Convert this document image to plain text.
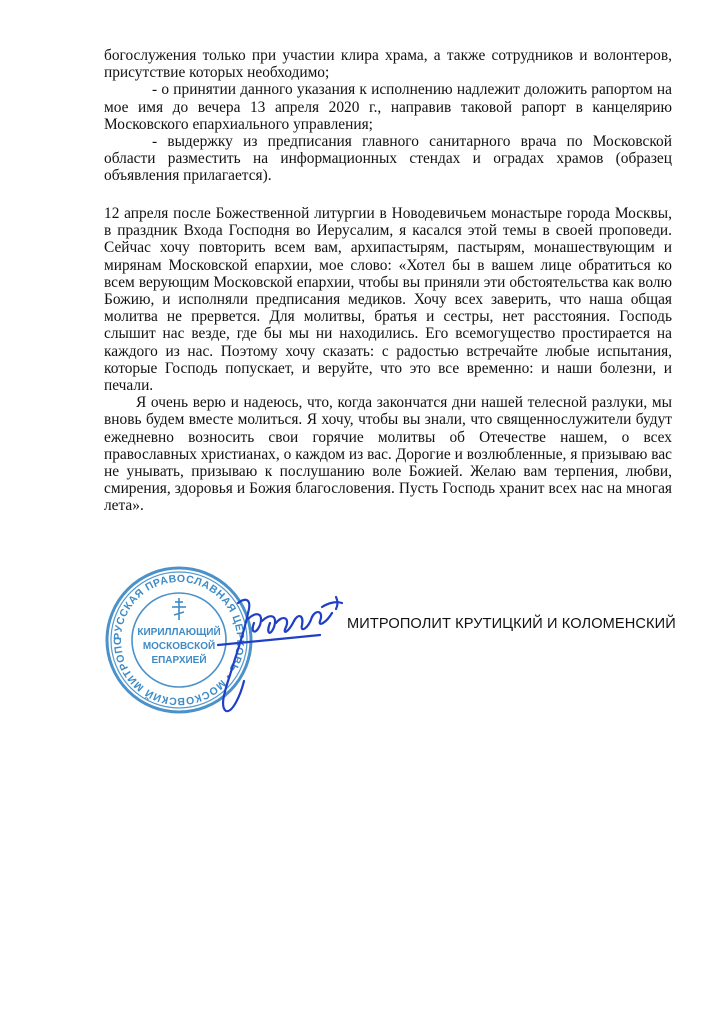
богослужения только при участии клира храма, а также сотрудников и волонтеров, присутствие которых необходимо;

- о принятии данного указания к исполнению надлежит доложить рапортом на мое имя до вечера 13 апреля 2020 г., направив таковой рапорт в канцелярию Московского епархиального управления;

- выдержку из предписания главного санитарного врача по Московской области разместить на информационных стендах и оградах храмов (образец объявления прилагается).

12 апреля после Божественной литургии в Новодевичьем монастыре города Москвы, в праздник Входа Господня во Иерусалим, я касался этой темы в своей проповеди. Сейчас хочу повторить всем вам, архипастырям, пастырям, монашествующим и мирянам Московской епархии, мое слово: «Хотел бы в вашем лице обратиться ко всем верующим Московской епархии, чтобы вы приняли эти обстоятельства как волю Божию, и исполняли предписания медиков. Хочу всех заверить, что наша общая молитва не прервется. Для молитвы, братья и сестры, нет расстояния. Господь слышит нас везде, где бы мы ни находились. Его всемогущество простирается на каждого из нас. Поэтому хочу сказать: с радостью встречайте любые испытания, которые Господь попускает, и веруйте, что это все временно: и наши болезни, и печали.

Я очень верю и надеюсь, что, когда закончатся дни нашей телесной разлуки, мы вновь будем вместе молиться. Я хочу, чтобы вы знали, что священнослужители будут ежедневно возносить свои горячие молитвы об Отечестве нашем, о всех православных христианах, о каждом из вас. Дорогие и возлюбленные, я призываю вас не унывать, призываю к послушанию воле Божией. Желаю вам терпения, любви, смирения, здоровья и Божия благословения. Пусть Господь хранит всех нас на многая лета».

РУССКАЯ ПРАВОСЛАВНАЯ ЦЕРКОВЬ • МОСКОВСКИЙ МИТРОПО
КИРИЛЛАЮЩИЙ
МОСКОВСКОЙ
ЕПАРХИЕЙ
МИТРОПОЛИТ КРУТИЦКИЙ И КОЛОМЕНСКИЙ
